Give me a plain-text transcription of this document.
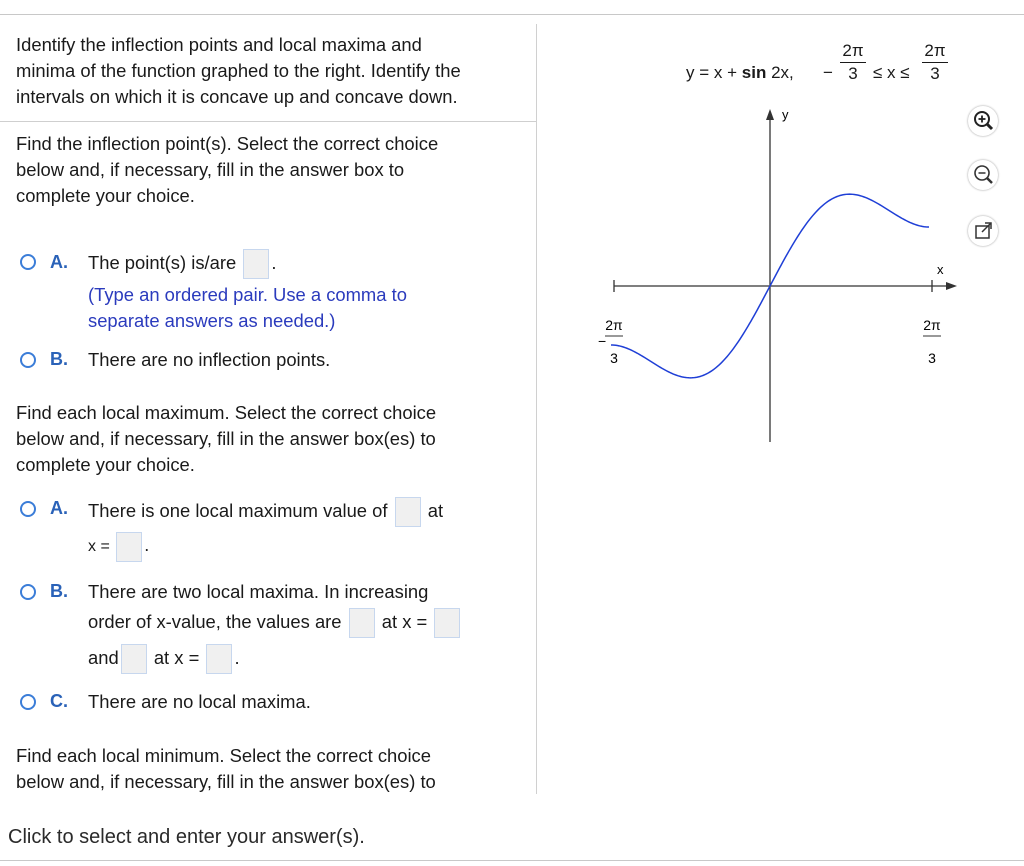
Identify the inflection points and local maxima and

minima of the function graphed to the right. Identify the

intervals on which it is concave up and concave down.

Find the inflection point(s). Select the correct choice

below and, if necessary, fill in the answer box to

complete your choice.

A. The point(s) is/are .
(Type an ordered pair. Use a comma to
separate answers as needed.)
B. There are no inflection points.

Find each local maximum. Select the correct choice

below and, if necessary, fill in the answer box(es) to

complete your choice.

A. There is one local maximum value of at
x = .
B. There are two local maxima. In increasing
order of x-value, the values are at x =
and at x = .
C. There are no local maxima.

Find each local minimum. Select the correct choice

below and, if necessary, fill in the answer box(es) to

y = x + sin 2x, −
2π
3 ≤ x ≤
2π
3
y
x
2π
3
−
2π
3
Click to select and enter your answer(s).
